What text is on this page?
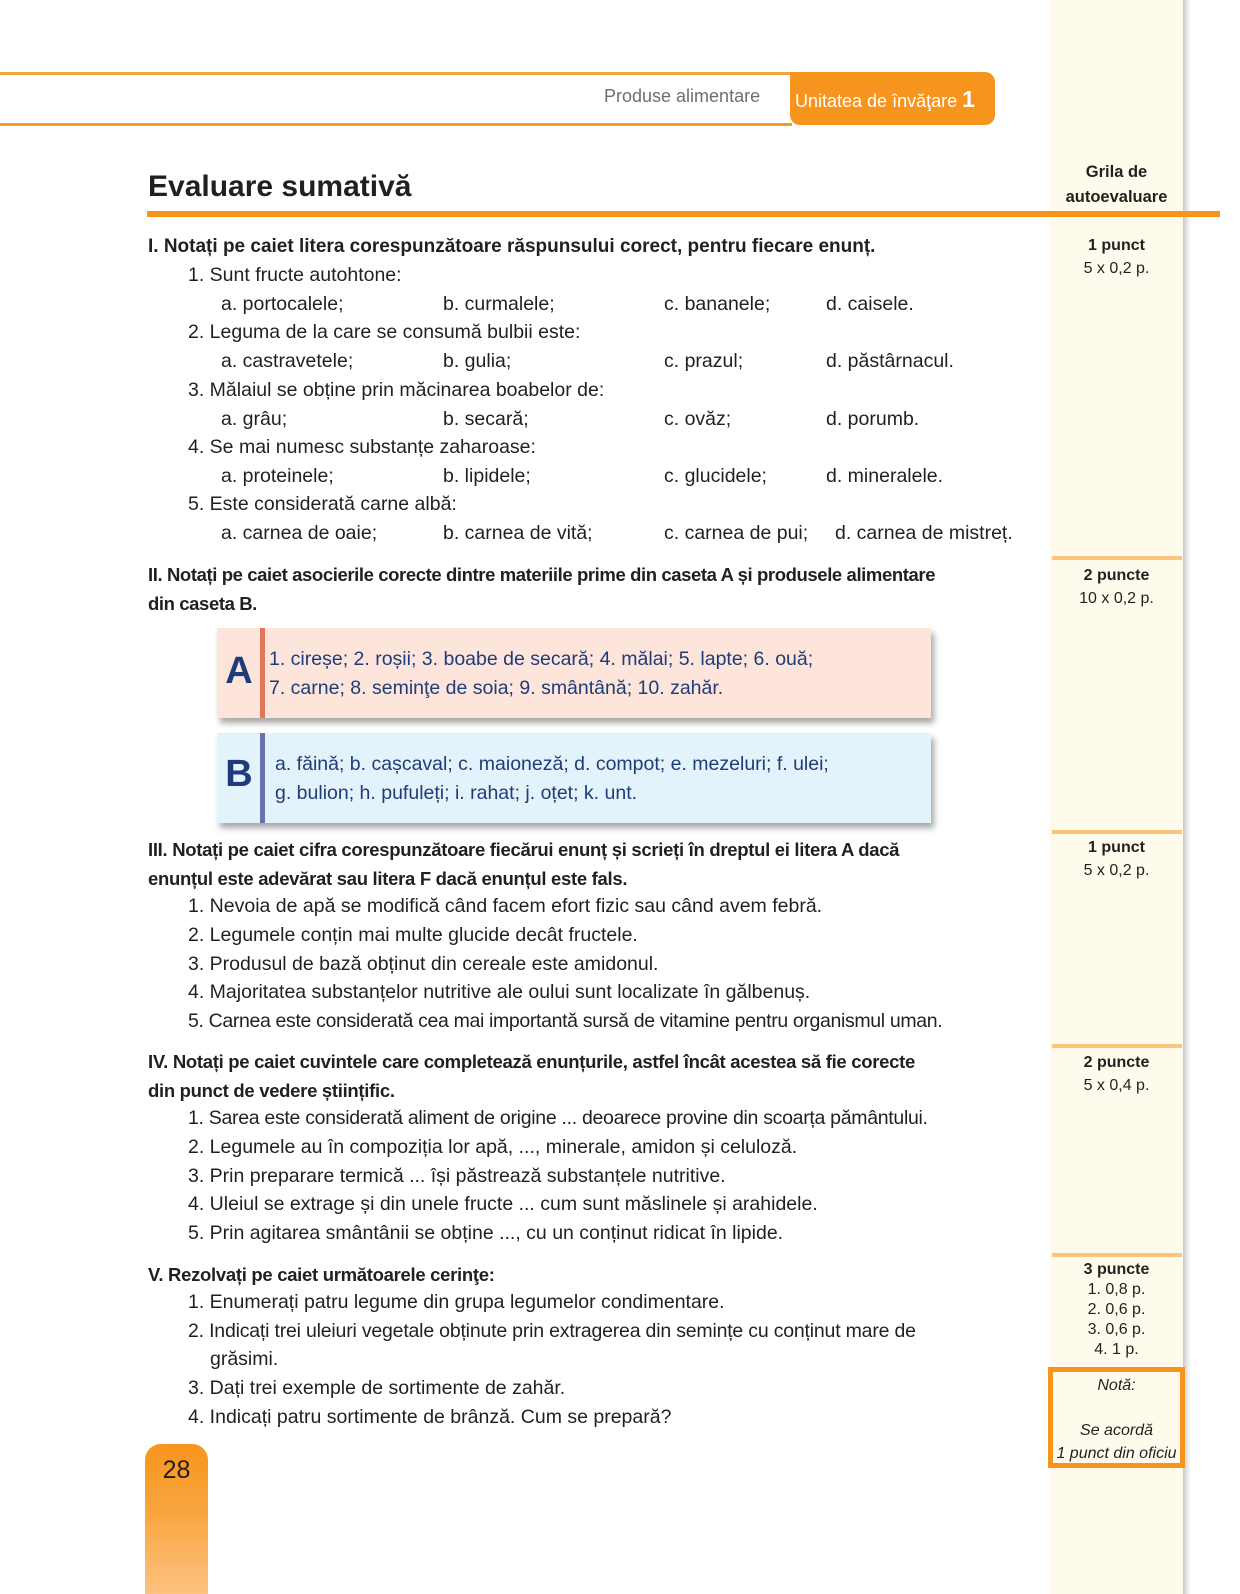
Produse alimentare Unitatea de învăţare 1
Evaluare sumativă	Grila de
autoevaluare
1 punct
5 x 0,2 p.
2 puncte
10 x 0,2 p.
1 punct
5 x 0,2 p.
2 puncte
5 x 0,4 p.
3 puncte
1. 0,8 p.
2. 0,6 p.
3. 0,6 p.
4. 1 p.
Notă:
Se acordă
1 punct din oficiu
I. Notați pe caiet litera corespunzătoare răspunsului corect, pentru fiecare enunț.
1. Sunt fructe autohtone:
a. portocalele;	b. curmalele;	c. bananele;	d. caisele.
2. Leguma de la care se consumă bulbii este:
a. castravetele;	b. gulia;	c. prazul;	d. păstârnacul.
3. Mălaiul se obține prin măcinarea boabelor de:
a. grâu;	b. secară;	c. ovăz;	d. porumb.
4. Se mai numesc substanțe zaharoase:
a. proteinele;	b. lipidele;	c. glucidele;	d. mineralele.
5. Este considerată carne albă:
a. carnea de oaie;	b. carnea de vită;	c. carnea de pui; d. carnea de mistreț.
II. Notați pe caiet asocierile corecte dintre materiile prime din caseta A și produsele alimentare
din caseta B.
A 1. cireșe; 2. roșii; 3. boabe de secară; 4. mălai; 5. lapte; 6. ouă;
7. carne; 8. seminţe de soia; 9. smântână; 10. zahăr.
B	a. făină; b. cașcaval; c. maioneză; d. compot; e. mezeluri; f. ulei;
g. bulion; h. pufuleți; i. rahat; j. oțet; k. unt.
III. Notați pe caiet cifra corespunzătoare fiecărui enunț și scrieți în dreptul ei litera A dacă
enunțul este adevărat sau litera F dacă enunțul este fals.
1. Nevoia de apă se modifică când facem efort fizic sau când avem febră.
2. Legumele conțin mai multe glucide decât fructele.
3. Produsul de bază obținut din cereale este amidonul.
4. Majoritatea substanțelor nutritive ale oului sunt localizate în gălbenuș.
5. Carnea este considerată cea mai importantă sursă de vitamine pentru organismul uman.
IV. Notați pe caiet cuvintele care completează enunțurile, astfel încât acestea să fie corecte
din punct de vedere științific.
1. Sarea este considerată aliment de origine ... deoarece provine din scoarța pământului.
2. Legumele au în compoziția lor apă, ..., minerale, amidon și celuloză.
3. Prin preparare termică ... își păstrează substanțele nutritive.
4. Uleiul se extrage și din unele fructe ... cum sunt măslinele și arahidele.
5. Prin agitarea smântânii se obține ..., cu un conținut ridicat în lipide.
V. Rezolvați pe caiet următoarele cerinţe:
1. Enumerați patru legume din grupa legumelor condimentare.
2. Indicați trei uleiuri vegetale obținute prin extragerea din semințe cu conținut mare de
grăsimi.
3. Dați trei exemple de sortimente de zahăr.
4. Indicați patru sortimente de brânză. Cum se prepară?
28
